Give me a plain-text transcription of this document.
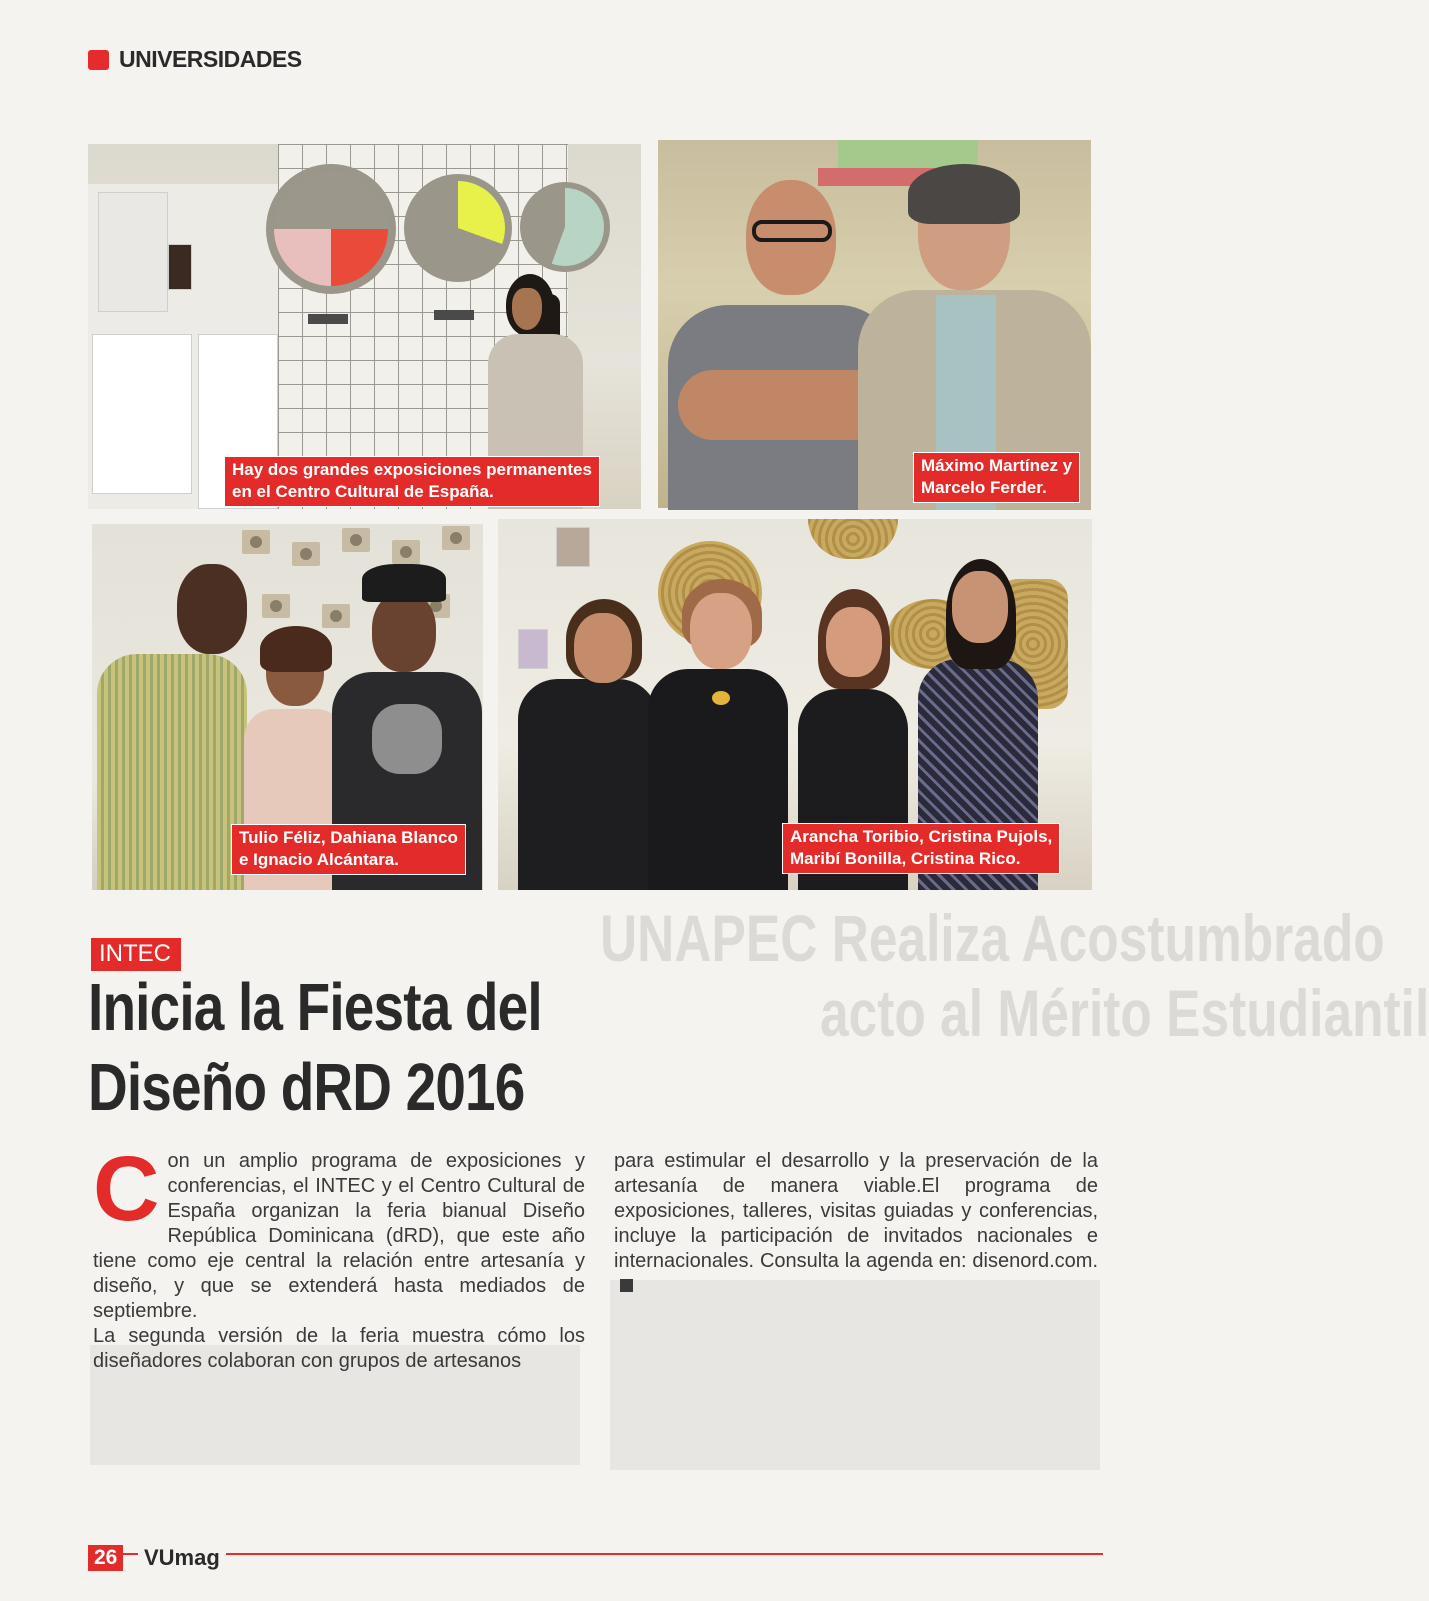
UNIVERSIDADES
Hay dos grandes exposiciones permanentes
en el Centro Cultural de España.
Máximo Martínez y
Marcelo Ferder.
Tulio Féliz, Dahiana Blanco
e Ignacio Alcántara.
Arancha Toribio, Cristina Pujols,
Maribí Bonilla, Cristina Rico.
UNAPEC Realiza Acostumbrado
acto al Mérito Estudiantil
INTEC
Inicia la Fiesta del
Diseño dRD 2016

Con un amplio programa de exposiciones y conferencias, el INTEC y el Centro Cultural de España organizan la feria bianual Diseño República Dominicana (dRD), que este año tiene como eje central la relación entre artesanía y diseño, y que se extenderá hasta mediados de septiembre.

La segunda versión de la feria muestra cómo los diseñadores colaboran con grupos de artesanos

para estimular el desarrollo y la preservación de la artesanía de manera viable.El programa de exposiciones, talleres, visitas guiadas y conferencias, incluye la participación de invitados nacionales e internacionales. Consulta la agenda en: disenord.com.

26 VUmag
